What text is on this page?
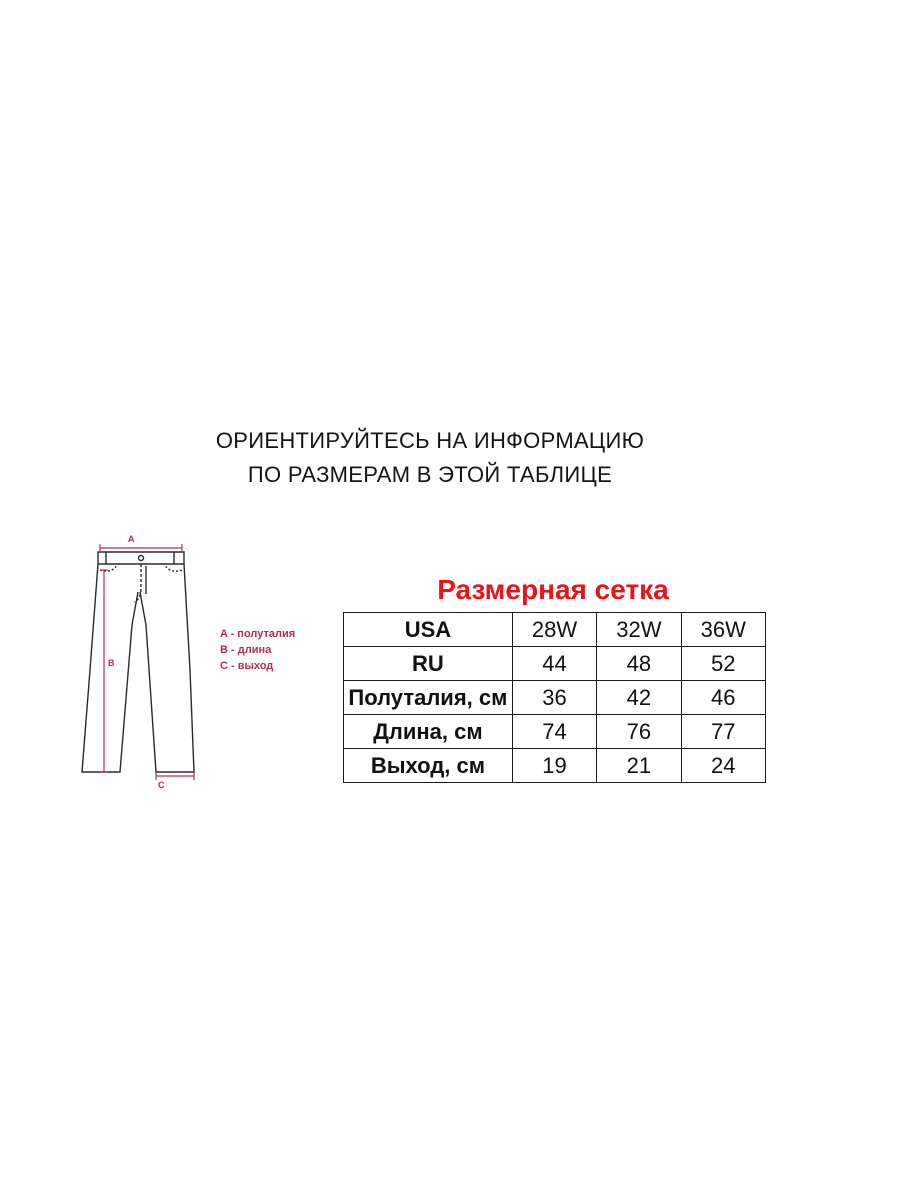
ОРИЕНТИРУЙТЕСЬ НА ИНФОРМАЦИЮ
ПО РАЗМЕРАМ В ЭТОЙ ТАБЛИЦЕ
A
B
C
A - полуталия
B - длина
C - выход
Размерная сетка
USA	28W	32W	36W
RU	44	48	52
Полуталия, см	36	42	46
Длина, см	74	76	77
Выход, см	19	21	24
